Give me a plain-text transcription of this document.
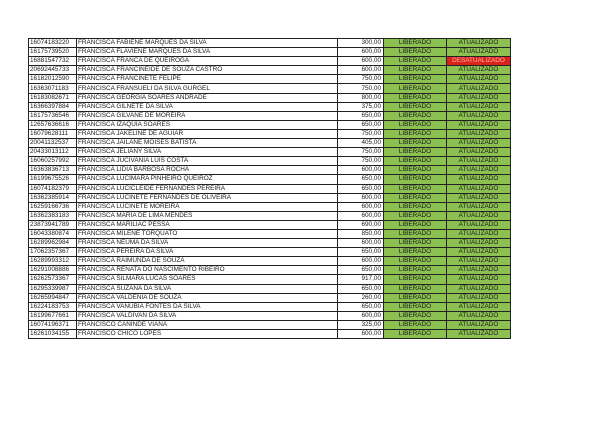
16074183220	FRANCISCA FABIENE MARQUES DA SILVA	300,00	LIBERADO	ATUALIZADO
16175739520	FRANCISCA FLAVIENE MARQUES DA SILVA	600,00	LIBERADO	ATUALIZADO
16881547732	FRANCISCA FRANCA DE QUEIROGA	600,00	LIBERADO	DESATUALIZADO
20692445733	FRANCISCA FRANCINEIDE DE SOUZA CASTRO	600,00	LIBERADO	ATUALIZADO
16182012590	FRANCISCA FRANCINETE FELIPE	750,00	LIBERADO	ATUALIZADO
16363071183	FRANCISCA FRANSUELI DA SILVA GURGEL	750,00	LIBERADO	ATUALIZADO
16183082671	FRANCISCA GEORGIA SOARES ANDRADE	800,00	LIBERADO	ATUALIZADO
16366397884	FRANCISCA GILNETE DA SILVA	375,00	LIBERADO	ATUALIZADO
16175736546	FRANCISCA GILVANE DE MOREIRA	650,00	LIBERADO	ATUALIZADO
12657636616	FRANCISCA IZAQUIA SOARES	650,00	LIBERADO	ATUALIZADO
16079628111	FRANCISCA JAKELINE DE AGUIAR	750,00	LIBERADO	ATUALIZADO
20041132537	FRANCISCA JAILANE MOISES BATISTA	405,00	LIBERADO	ATUALIZADO
20433013112	FRANCISCA JELIANY SILVA	750,00	LIBERADO	ATUALIZADO
16060257992	FRANCISCA JUCIVANIA LUIS COSTA	750,00	LIBERADO	ATUALIZADO
16363836713	FRANCISCA LIDIA BARBOSA ROCHA	600,00	LIBERADO	ATUALIZADO
16199675526	FRANCISCA LUCIMARA PINHEIRO QUEIROZ	650,00	LIBERADO	ATUALIZADO
16074182379	FRANCISCA LUCICLEIDE FERNANDES PEREIRA	650,00	LIBERADO	ATUALIZADO
16362385914	FRANCISCA LUCINETE FERNANDES DE OLIVEIRA	600,00	LIBERADO	ATUALIZADO
16259166736	FRANCISCA LUCINETE MOREIRA	600,00	LIBERADO	ATUALIZADO
16362383183	FRANCISCA MARIA DE LIMA MENDES	600,00	LIBERADO	ATUALIZADO
23873941789	FRANCISCA MARILIAC PESSA	690,00	LIBERADO	ATUALIZADO
16043380874	FRANCISCA MILENE TORQUATO	850,00	LIBERADO	ATUALIZADO
16289962984	FRANCISCA NEUMA DA SILVA	600,00	LIBERADO	ATUALIZADO
17062357367	FRANCISCA PEREIRA DA SILVA	650,00	LIBERADO	ATUALIZADO
16289993312	FRANCISCA RAIMUNDA DE SOUZA	600,00	LIBERADO	ATUALIZADO
16291008886	FRANCISCA RENATA DO NASCIMENTO RIBEIRO	650,00	LIBERADO	ATUALIZADO
16262573367	FRANCISCA SILMARA LUCAS SOARES	917,00	LIBERADO	ATUALIZADO
16295339987	FRANCISCA SUZANA DA SILVA	650,00	LIBERADO	ATUALIZADO
16265994847	FRANCISCA VALDENIA DE SOUZA	260,00	LIBERADO	ATUALIZADO
16224183753	FRANCISCA VANUBIA FONTES DA SILVA	650,00	LIBERADO	ATUALIZADO
16199677661	FRANCISCA VALDIVAN DA SILVA	600,00	LIBERADO	ATUALIZADO
16074196371	FRANCISCO CANINDE VIANA	325,00	LIBERADO	ATUALIZADO
16261034155	FRANCISCO CHICO LOPES	600,00	LIBERADO	ATUALIZADO
